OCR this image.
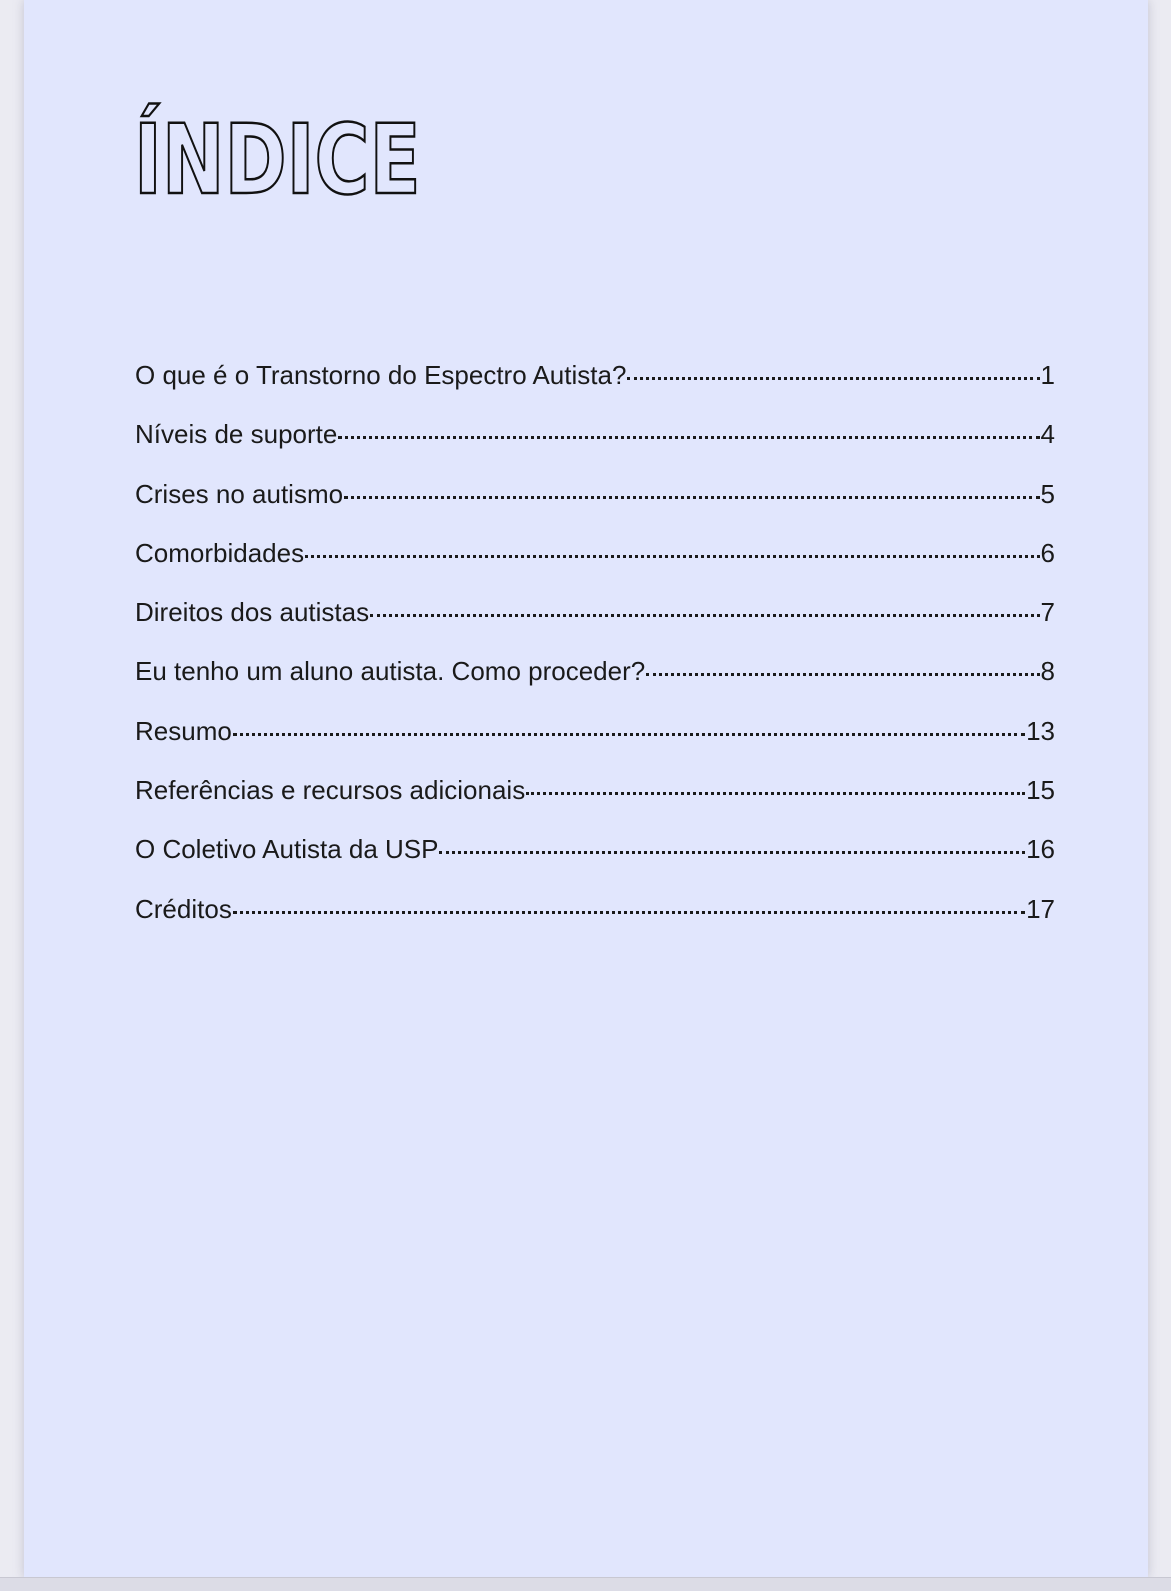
ÍNDICE
O que é o Transtorno do Espectro Autista?	1
Níveis de suporte	4
Crises no autismo	5
Comorbidades	6
Direitos dos autistas	7
Eu tenho um aluno autista. Como proceder?	8
Resumo	13
Referências e recursos adicionais	15
O Coletivo Autista da USP	16
Créditos	17
